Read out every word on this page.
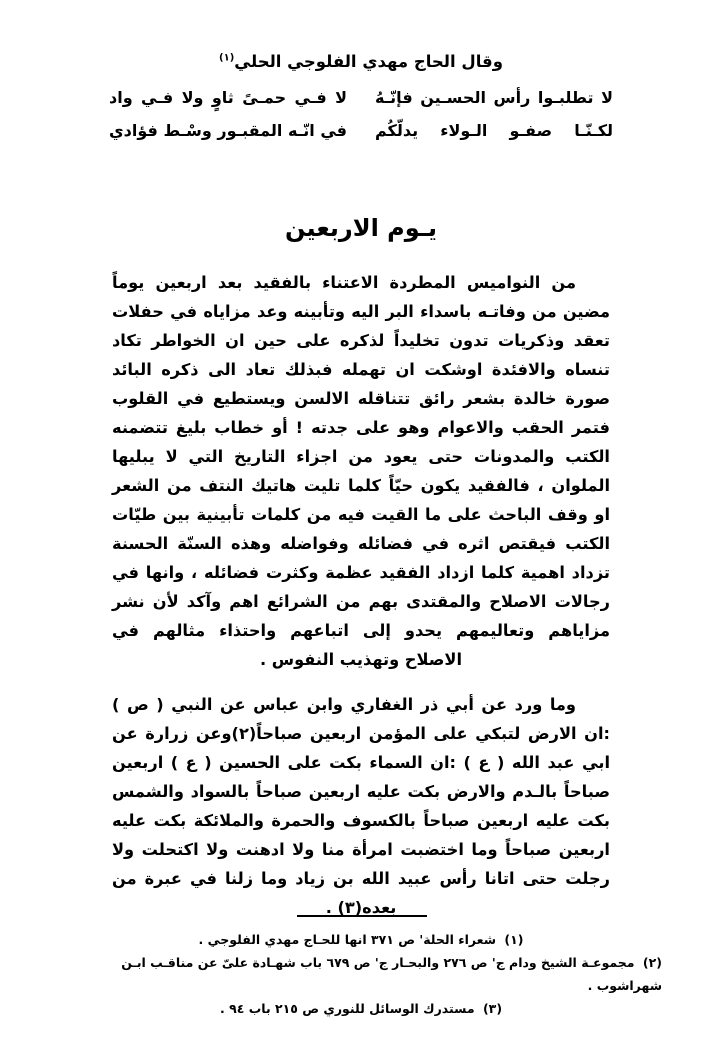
وقال الحاج مهدي الفلوجي الحلي$^{(١)}$
لا تطلبـوا رأس الحسـين فإنّـهُ
لا فـي حمـىً ثاوٍ ولا فـي واد
لكـنّـا صفـو الـولاء يدلّكُم
في انّـه المقبـور وسْـط فؤادي
يـوم الاربعين

من النواميس المطردة الاعتناء بالفقيد بعد اربعين يوماً مضين من وفاتـه باسداء البر اليه وتأبينه وعد مزاياه في حفلات تعقد وذكريات تدون تخليداً لذكره على حين ان الخواطر تكاد تنساه والافئدة اوشكت ان تهمله فبذلك تعاد الى ذكره البائد صورة خالدة بشعر رائق تتناقله الالسن ويستطيع في القلوب فتمر الحقب والاعوام وهو على جدته ! أو خطاب بليغ تتضمنه الكتب والمدونات حتى يعود من اجزاء التاريخ التي لا يبليها الملوان ، فالفقيد يكون حيّاً كلما تليت هاتيك النتف من الشعر او وقف الباحث على ما القيت فيه من كلمات تأبينية بين طيّات الكتب فيقتص اثره في فضائله وفواضله وهذه السنّة الحسنة تزداد اهمية كلما ازداد الفقيد عظمة وكثرت فضائله ، وانها في رجالات الاصلاح والمقتدى بهم من الشرائع اهم وآكد لأن نشر مزاياهم وتعاليمهم يحدو إلى اتباعهم واحتذاء مثالهم في الاصلاح وتهذيب النفوس .

وما ورد عن أبي ذر الغفاري وابن عباس عن النبي ( ص ) :ان الارض لتبكي على المؤمن اربعين صباحاً(٢)وعن زرارة عن ابي عبد الله ( ع ) :ان السماء بكت على الحسين ( ع ) اربعين صباحاً بالـدم والارض بكت عليه اربعين صباحاً بالسواد والشمس بكت عليه اربعين صباحاً بالكسوف والحمرة والملائكة بكت عليه اربعين صباحاً وما اختضبت امرأة منا ولا ادهنت ولا اكتحلت ولا رجلت حتى اتانا رأس عبيد الله بن زياد وما زلنا في عبرة من بعده(٣) .

(١) شعراء الحلة' ص ٣٧١ انها للحـاج مهدي الفلوجي .

(٢) مجموعـة الشيخ ودام ج' ص ٢٧٦ والبحـار ج' ص ٦٧٩ باب شهـادة علىّ عن مناقـب ابـن شهراشوب .

(٣) مستدرك الوسائل للنوري ص ٢١٥ باب ٩٤ .
